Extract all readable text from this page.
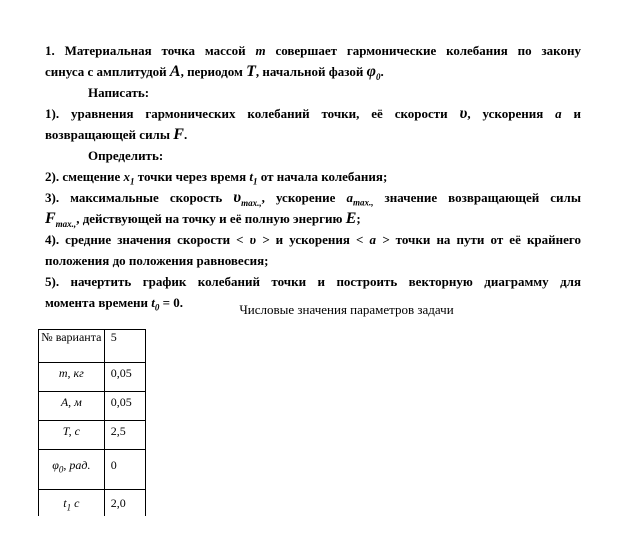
1. Материальная точка массой m совершает гармонические колебания по закону

синуса с амплитудой A, периодом T, начальной фазой $\varphi_0$.

Написать:

1). уравнения гармонических колебаний точки, её скорости υ, ускорения a и

возвращающей силы F.

Определить:

2). смещение $x_1$ точки через время $t_1$ от начала колебания;

3). максимальные скорость $\upsilon_{max.,}$, ускорение $a_{max.,}$ значение возвращающей силы

$F_{max.,}$, действующей на точку и её полную энергию E;

4). средние значения скорости < υ > и ускорения < a > точки на пути от её крайнего

положения до положения равновесия;

5). начертить график колебаний точки и построить векторную диаграмму для

момента времени $t_0 = 0$.	Числовые значения параметров задачи
№ варианта	5
m, кг	0,05
A, м	0,05
T, с	2,5
$\varphi_0$, рад.	0
$t_1$ c	2,0
